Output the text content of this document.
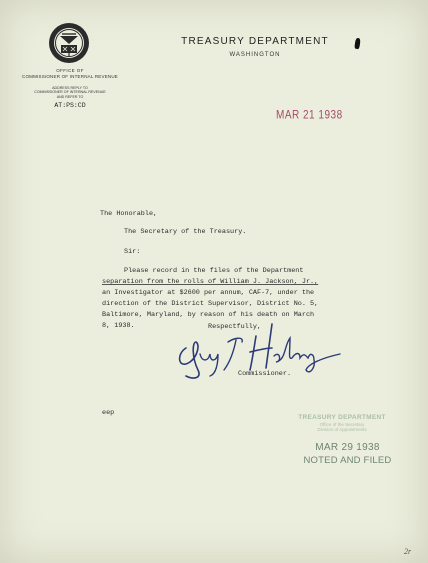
OFFICE OF
COMMISSIONER OF INTERNAL REVENUE
ADDRESS REPLY TO
COMMISSIONER OF INTERNAL REVENUE
AND REFER TO
AT:PS:CD
TREASURY DEPARTMENT
WASHINGTON
MAR 21 1938
The Honorable,
The Secretary of the Treasury.
Sir:
Please record in the files of the Department
separation from the rolls of William J. Jackson, Jr.,
an Investigator at $2600 per annum, CAF-7, under the
direction of the District Supervisor, District No. 5,
Baltimore, Maryland, by reason of his death on March
8, 1938.	Respectfully,
Commissioner.
eep
TREASURY DEPARTMENT
Office of the Secretary
Division of Appointments
MAR 29 1938
NOTED AND FILED
2r
